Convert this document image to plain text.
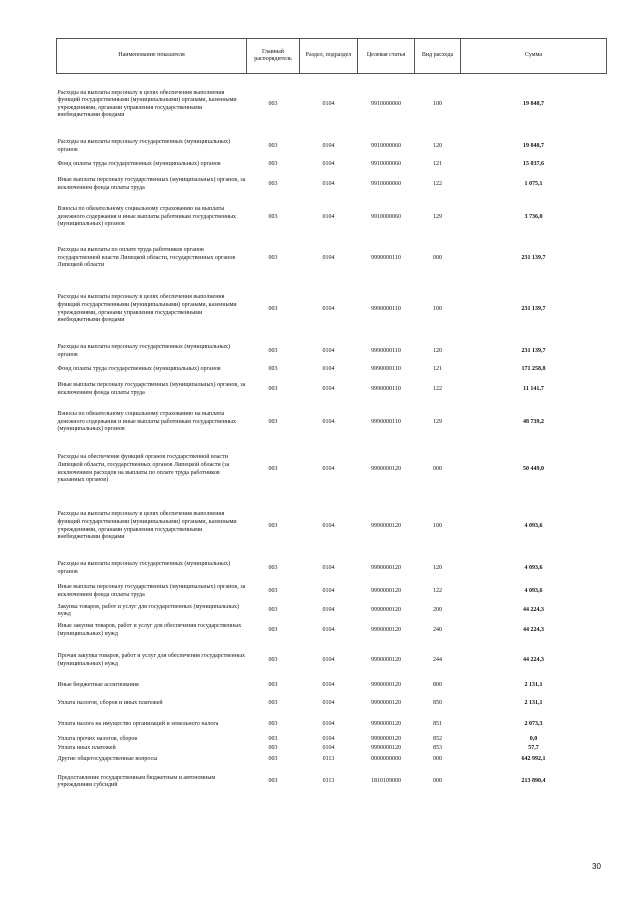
Наименование показателя	Главный распорядитель	Раздел, подраздел	Целевая статья	Вид расхода	Сумма
Расходы на выплаты персоналу в целях обеспечения выполнения функций государственными (муниципальными) органами, казенными учреждениями, органами управления государственными внебюджетными фондами	003	0104	9910000060	100	19 848,7
Расходы на выплаты персоналу государственных (муниципальных) органов	003	0104	9910000060	120	19 848,7
Фонд оплаты труда государственных (муниципальных) органов	003	0104	9910000060	121	15 037,6
Иные выплаты персоналу государственных (муниципальных) органов, за исключением фонда оплаты труда	003	0104	9910000060	122	1 075,1
Взносы по обязательному социальному страхованию на выплаты денежного содержания и иные выплаты работникам государственных (муниципальных) органов	003	0104	9910000060	129	3 736,0
Расходы на выплаты по оплате труда работников органов государственной власти Липецкой области, государственных органов Липецкой области	003	0104	9990000110	000	231 139,7
Расходы на выплаты персоналу в целях обеспечения выполнения функций государственными (муниципальными) органами, казенными учреждениями, органами управления государственными внебюджетными фондами	003	0104	9990000110	100	231 139,7
Расходы на выплаты персоналу государственных (муниципальных) органов	003	0104	9990000110	120	231 139,7
Фонд оплаты труда государственных (муниципальных) органов	003	0104	9990000110	121	171 258,8
Иные выплаты персоналу государственных (муниципальных) органов, за исключением фонда оплаты труда	003	0104	9990000110	122	11 141,7
Взносы по обязательному социальному страхованию на выплаты денежного содержания и иные выплаты работникам государственных (муниципальных) органов	003	0104	9990000110	129	48 739,2
Расходы на обеспечение функций органов государственной власти Липецкой области, государственных органов Липецкой области (за исключением расходов на выплаты по оплате труда работников указанных органов)	003	0104	9990000120	000	50 449,0
Расходы на выплаты персоналу в целях обеспечения выполнения функций государственными (муниципальными) органами, казенными учреждениями, органами управления государственными внебюджетными фондами	003	0104	9990000120	100	4 093,6
Расходы на выплаты персоналу государственных (муниципальных) органов	003	0104	9990000120	120	4 093,6
Иные выплаты персоналу государственных (муниципальных) органов, за исключением фонда оплаты труда	003	0104	9990000120	122	4 093,6
Закупка товаров, работ и услуг для государственных (муниципальных) нужд	003	0104	9990000120	200	44 224,3
Иные закупки товаров, работ и услуг для обеспечения государственных (муниципальных) нужд	003	0104	9990000120	240	44 224,3
Прочая закупка товаров, работ и услуг для обеспечения государственных (муниципальных) нужд	003	0104	9990000120	244	44 224,3
Иные бюджетные ассигнования	003	0104	9990000120	800	2 131,1
Уплата налогов, сборов и иных платежей	003	0104	9990000120	850	2 131,1
Уплата налога на имущество организаций и земельного налога	003	0104	9990000120	851	2 073,3
Уплата прочих налогов, сборов	003	0104	9990000120	852	0,0
Уплата иных платежей	003	0104	9990000120	853	57,7
Другие общегосударственные вопросы	003	0113	0000000000	000	642 992,1
Предоставление государственным бюджетным и автономным учреждениям субсидий	003	0113	1810109000	000	213 890,4
30
